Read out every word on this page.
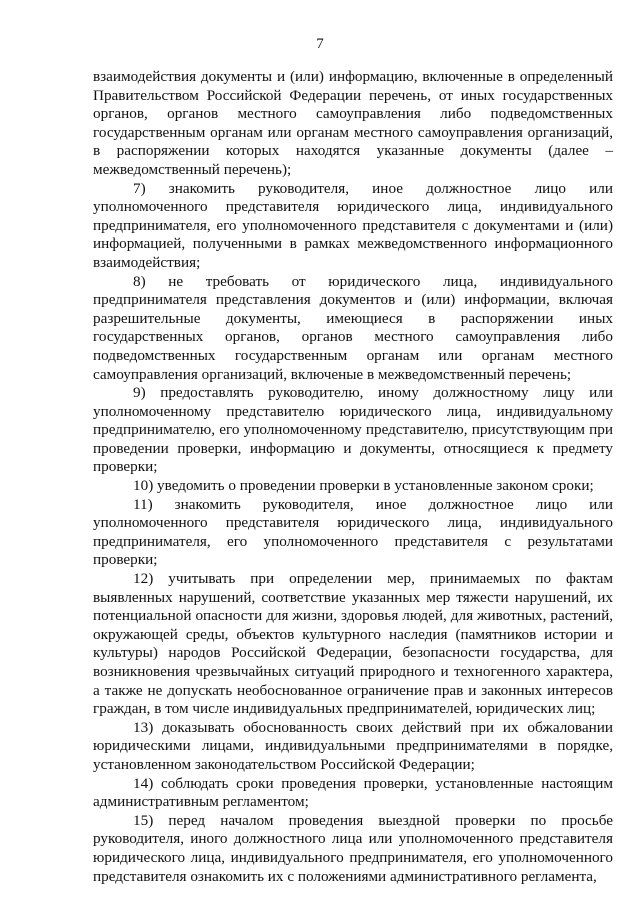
7

взаимодействия документы и (или) информацию, включенные в определенный Правительством Российской Федерации перечень, от иных государственных органов, органов местного самоуправления либо подведомственных государственным органам или органам местного самоуправления организаций, в распоряжении которых находятся указанные документы (далее – межведомственный перечень);

7) знакомить руководителя, иное должностное лицо или уполномоченного представителя юридического лица, индивидуального предпринимателя, его уполномоченного представителя с документами и (или) информацией, полученными в рамках межведомственного информационного взаимодействия;

8) не требовать от юридического лица, индивидуального предпринимателя представления документов и (или) информации, включая разрешительные документы, имеющиеся в распоряжении иных государственных органов, органов местного самоуправления либо подведомственных государственным органам или органам местного самоуправления организаций, включеные в межведомственный перечень;

9) предоставлять руководителю, иному должностному лицу или уполномоченному представителю юридического лица, индивидуальному предпринимателю, его уполномоченному представителю, присутствующим при проведении проверки, информацию и документы, относящиеся к предмету проверки;

10) уведомить о проведении проверки в установленные законом сроки;

11) знакомить руководителя, иное должностное лицо или уполномоченного представителя юридического лица, индивидуального предпринимателя, его уполномоченного представителя с результатами проверки;

12) учитывать при определении мер, принимаемых по фактам выявленных нарушений, соответствие указанных мер тяжести нарушений, их потенциальной опасности для жизни, здоровья людей, для животных, растений, окружающей среды, объектов культурного наследия (памятников истории и культуры) народов Российской Федерации, безопасности государства, для возникновения чрезвычайных ситуаций природного и техногенного характера, а также не допускать необоснованное ограничение прав и законных интересов граждан, в том числе индивидуальных предпринимателей, юридических лиц;

13) доказывать обоснованность своих действий при их обжаловании юридическими лицами, индивидуальными предпринимателями в порядке, установленном законодательством Российской Федерации;

14) соблюдать сроки проведения проверки, установленные настоящим административным регламентом;

15) перед началом проведения выездной проверки по просьбе руководителя, иного должностного лица или уполномоченного представителя юридического лица, индивидуального предпринимателя, его уполномоченного представителя ознакомить их с положениями административного регламента,
